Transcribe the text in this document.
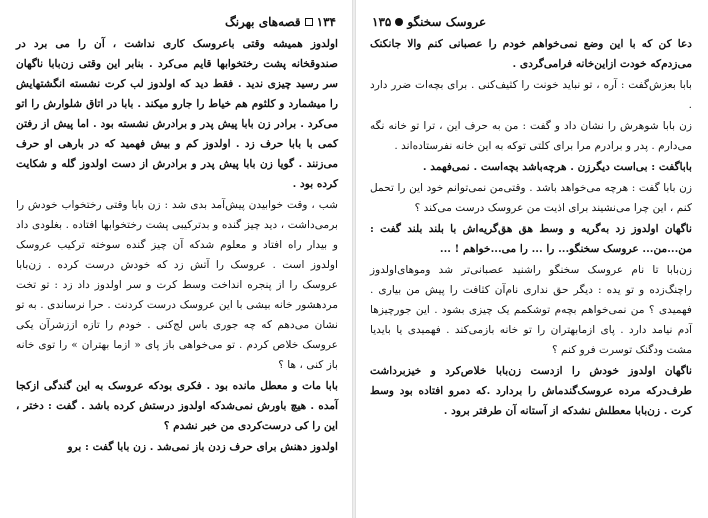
۱۳۴
قصه‌های بهرنگ

اولدوز همیشه وقتی باعروسک کاری نداشت ، آن را می برد در صندوقخانه پشت رختخوابها قایم می‌کرد . بنابر این وقتی زن‌بابا ناگهان سر رسید چیزی ندید . فقط دید که اولدوز لب کرت نشسته انگشتهایش را میشمارد و کلثوم هم خیاط را جارو میکند . بابا در اتاق شلوارش را اتو می‌کرد . برادر زن بابا پیش پدر و برادرش نشسته بود . اما پیش از رفتن کمی با بابا حرف زد . اولدوز کم و بیش فهمید که در بارهی او حرف می‌زنند . گویا زن بابا پیش پدر و برادرش از دست اولدوز گله و شکایت کرده بود .

شب ، وقت خوابیدن پیش‌آمد بدی شد : زن بابا وقتی رختخواب خودش را برمی‌داشت ، دید چیز گنده و بدترکیبی پشت رختخوابها افتاده . بغلودی داد و بیدار راه افتاد و معلوم شدکه آن چیز گنده سوخته ترکیب عروسک اولدوز است . عروسک را آتش زد که خودش درست کرده . زن‌بابا عروسک را از پنجره انداخت وسط کرت و سر اولدوز داد زد : تو تخت مردهشور خانه بیشی با این عروسک درست کردنت . حرا نرساندی . به تو نشان می‌دهم که چه جوری باس لج‌کنی . خودم را تازه اززشرآن یکی عروسک خلاص کردم . تو می‌خواهی باز پای « ازما بهتران » را توی خانه باز کنی ، ها ؟

بابا مات و معطل مانده بود . فکری بودکه عروسک به این گندگی ازکجا آمده . هیچ باورش نمی‌شدکه اولدوز درستش کرده باشد . گفت : دختر ، این را کی درست‌کردی من خبر نشدم ؟

اولدوز دهنش برای حرف زدن باز نمی‌شد . زن بابا گفت : برو

عروسک سخنگو
۱۳۵

دعا کن که با این وضع نمی‌خواهم خودم را عصبانی کنم والا جانکنک می‌زدم‌که خودت ازاین‌خانه فرامی‌گردی .

بابا بعزش‌گفت : آره ، تو نباید خونت را کثیف‌کنی . برای بچه‌ات ضرر دارد .

زن بابا شوهرش را نشان داد و گفت : من به حرف این ، ترا تو خانه نگه می‌دارم . پدر و برادرم مرا برای کلتی توکه به این خانه نفرستاده‌اند .

باباگفت : بی‌است دیگرزن . هرچه‌باشد بچه‌است . نمی‌فهمد .

زن بابا گفت : هرچه می‌خواهد باشد . وقتی‌من نمی‌توانم خود این را تحمل کنم ، این چرا می‌نشیند برای اذیت من عروسک درست می‌کند ؟

ناگهان اولدوز زد به‌گریه و وسط هق هق‌گریه‌اش با بلند بلند گفت : من...من... عروسک سخنگو... را ... را می...خواهم ! ...

زن‌بابا تا نام عروسک سخنگو راشنید عصبانی‌تر شد وموهای‌اولدوز راچنگ‌زده و تو یده : دیگر حق نداری نام‌آن کثافت را پیش من بیاری . فهمیدی ؟ من نمی‌خواهم بچه‌م توشکمم یک چیزی بشود . این جورچیزها آدم نیامد دارد . پای ازمابهتران را تو خانه بازمی‌کند . فهمیدی یا بایدیا مشت ودگنک توسرت فرو کنم ؟

ناگهان اولدوز خودش را ازدست زن‌بابا خلاص‌کرد و خیزبرداشت طرف‌درکه مرده عروسک‌گندماش را بردارد .که دمرو افتاده بود وسط کرت . زن‌بابا معطلش نشدکه از آستانه آن طرفتر برود .
